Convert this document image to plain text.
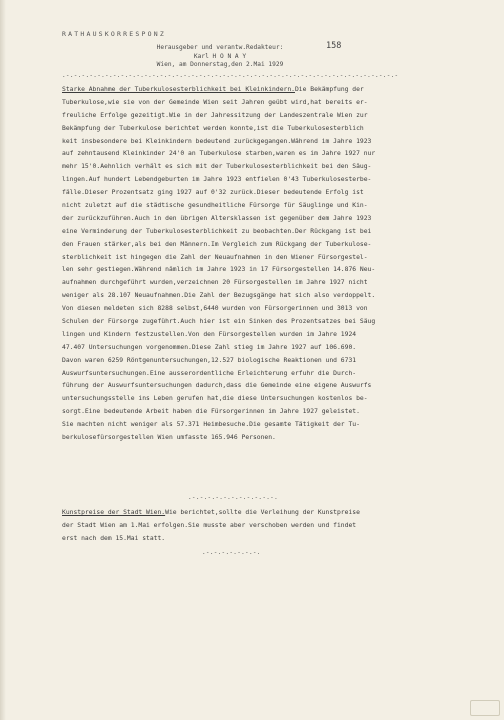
RATHAUSKORRESPONZ
158
Herausgeber und verantw.Redakteur:
Karl H O N A Y
Wien, am Donnerstag,den 2.Mai 1929
.-.-.-.-.-.-.-.-.-.-.-.-.-.-.-.-.-.-.-.-.-.-.-.-.-.-.-.-.-.-.-.-.-.-.-.-.-.-.-.-.-.-.-
Starke Abnahme der Tuberkulosesterblichkeit bei Kleinkindern.Die Bekämpfung der
Tuberkulose,wie sie von der Gemeinde Wien seit Jahren geübt wird,hat bereits er-
freuliche Erfolge gezeitigt.Wie in der Jahressitzung der Landeszentrale Wien zur
Bekämpfung der Tuberkulose berichtet werden konnte,ist die Tuberkulosesterblich
keit insbesondere bei Kleinkindern bedeutend zurückgegangen.Während im Jahre 1923
auf zehntausend Kleinkinder 24'0 an Tuberkulose starben,waren es im Jahre 1927 nur
mehr 15'0.Aehnlich verhält es sich mit der Tuberkulosesterblichkeit bei den Säug-
lingen.Auf hundert Lebendgeburten im Jahre 1923 entfielen 0'43 Tuberkulosesterbe-
fälle.Dieser Prozentsatz ging 1927 auf 0'32 zurück.Dieser bedeutende Erfolg ist
nicht zuletzt auf die städtische gesundheitliche Fürsorge für Säuglinge und Kin-
der zurückzuführen.Auch in den übrigen Altersklassen ist gegenüber dem Jahre 1923
eine Verminderung der Tuberkulosesterblichkeit zu beobachten.Der Rückgang ist bei
den Frauen stärker,als bei den Männern.Im Vergleich zum Rückgang der Tuberkulose-
sterblichkeit ist hingegen die Zahl der Neuaufnahmen in den Wiener Fürsorgestel-
len sehr gestiegen.Während nämlich im Jahre 1923 in 17 Fürsorgestellen 14.876 Neu-
aufnahmen durchgeführt wurden,verzeichnen 20 Fürsorgestellen im Jahre 1927 nicht
weniger als 28.107 Neuaufnahmen.Die Zahl der Bezugsgänge hat sich also verdoppelt.
Von diesen meldeten sich 8288 selbst,6440 wurden von Fürsorgerinnen und 3013 von
Schulen der Fürsorge zugeführt.Auch hier ist ein Sinken des Prozentsatzes bei Säug
lingen und Kindern festzustellen.Von den Fürsorgestellen wurden im Jahre 1924
47.407 Untersuchungen vorgenommen.Diese Zahl stieg im Jahre 1927 auf 106.690.
Davon waren 6259 Röntgenuntersuchungen,12.527 biologische Reaktionen und 6731
Auswurfsuntersuchungen.Eine ausserordentliche Erleichterung erfuhr die Durch-
führung der Auswurfsuntersuchungen dadurch,dass die Gemeinde eine eigene Auswurfs
untersuchungsstelle ins Leben gerufen hat,die diese Untersuchungen kostenlos be-
sorgt.Eine bedeutende Arbeit haben die Fürsorgerinnen im Jahre 1927 geleistet.
Sie machten nicht weniger als 57.371 Heimbesuche.Die gesamte Tätigkeit der Tu-
berkulosefürsorgestellen Wien umfasste 165.946 Personen.
.-.-.-.-.-.-.-.-.-.-.-.
Kunstpreise der Stadt Wien.Wie berichtet,sollte die Verleihung der Kunstpreise
der Stadt Wien am 1.Mai erfolgen.Sie musste aber verschoben werden und findet
erst nach dem 15.Mai statt.
.-.-.-.-.-.-.-.
